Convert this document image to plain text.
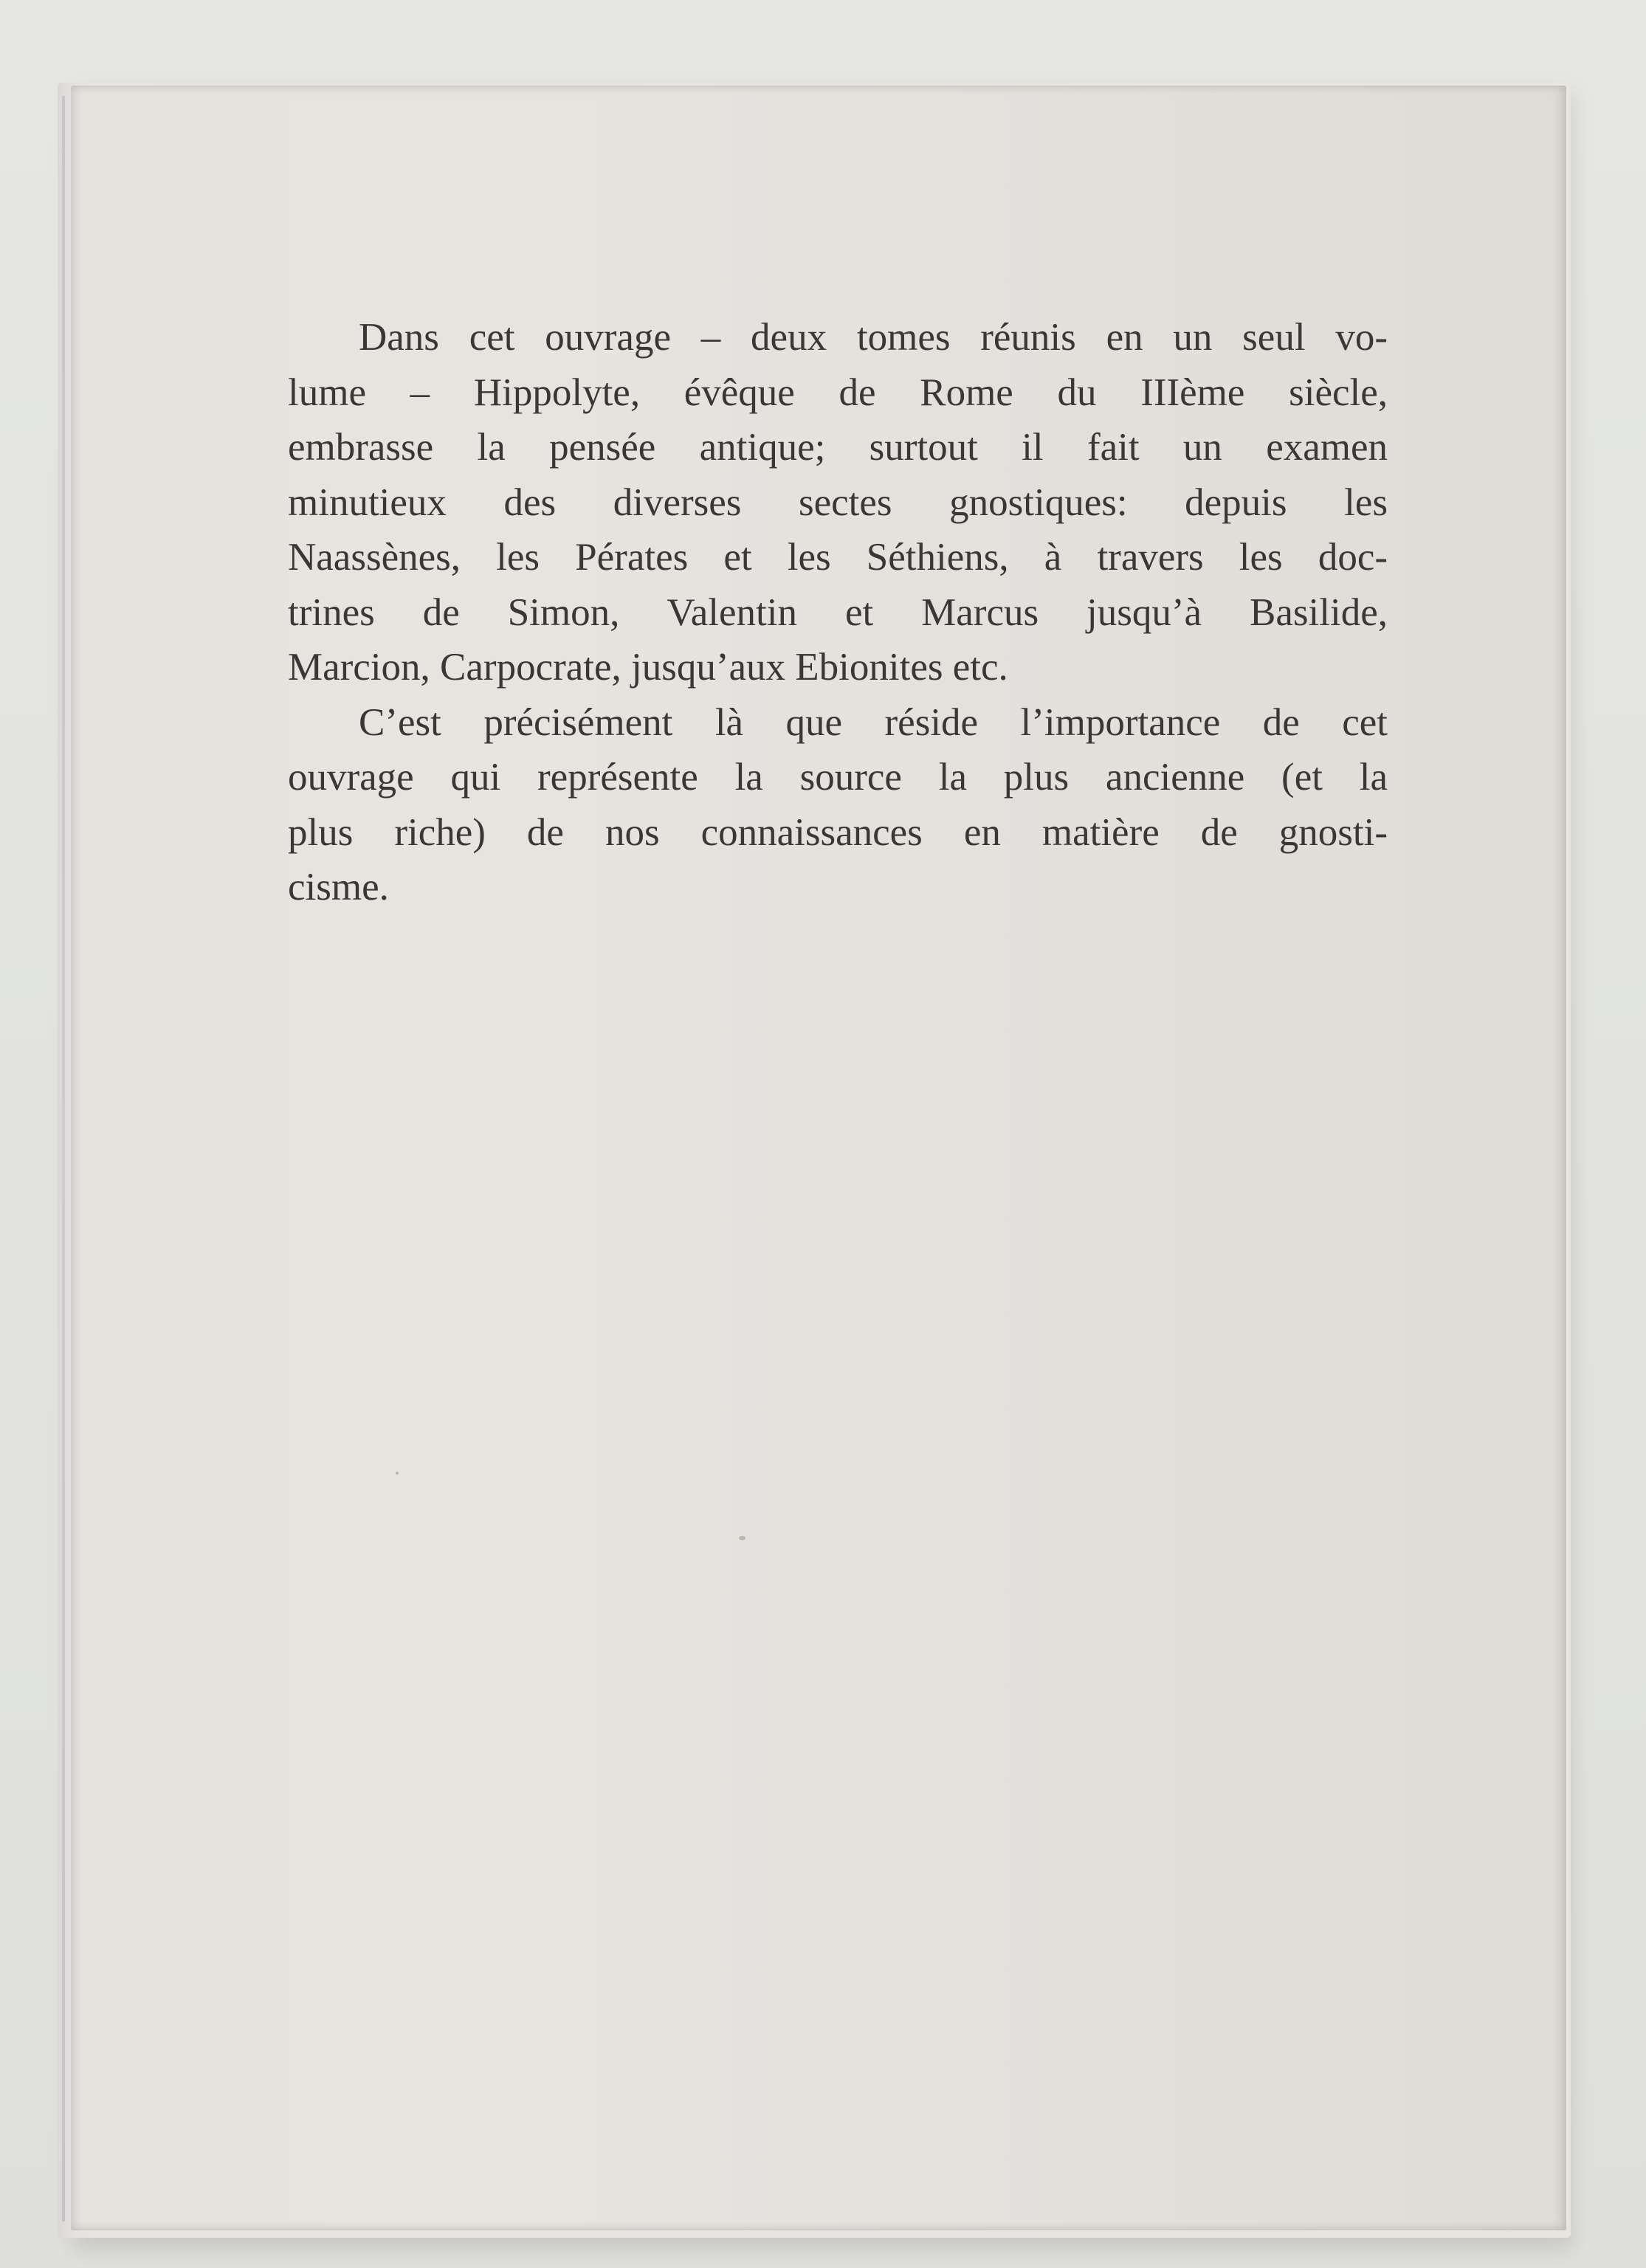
Dans cet ouvrage – deux tomes réunis en un seul vo-
lume – Hippolyte, évêque de Rome du IIIème siècle,
embrasse la pensée antique; surtout il fait un examen
minutieux des diverses sectes gnostiques: depuis les
Naassènes, les Pérates et les Séthiens, à travers les doc-
trines de Simon, Valentin et Marcus jusqu’à Basilide,
Marcion, Carpocrate, jusqu’aux Ebionites etc.
C’est précisément là que réside l’importance de cet
ouvrage qui représente la source la plus ancienne (et la
plus riche) de nos connaissances en matière de gnosti-
cisme.
